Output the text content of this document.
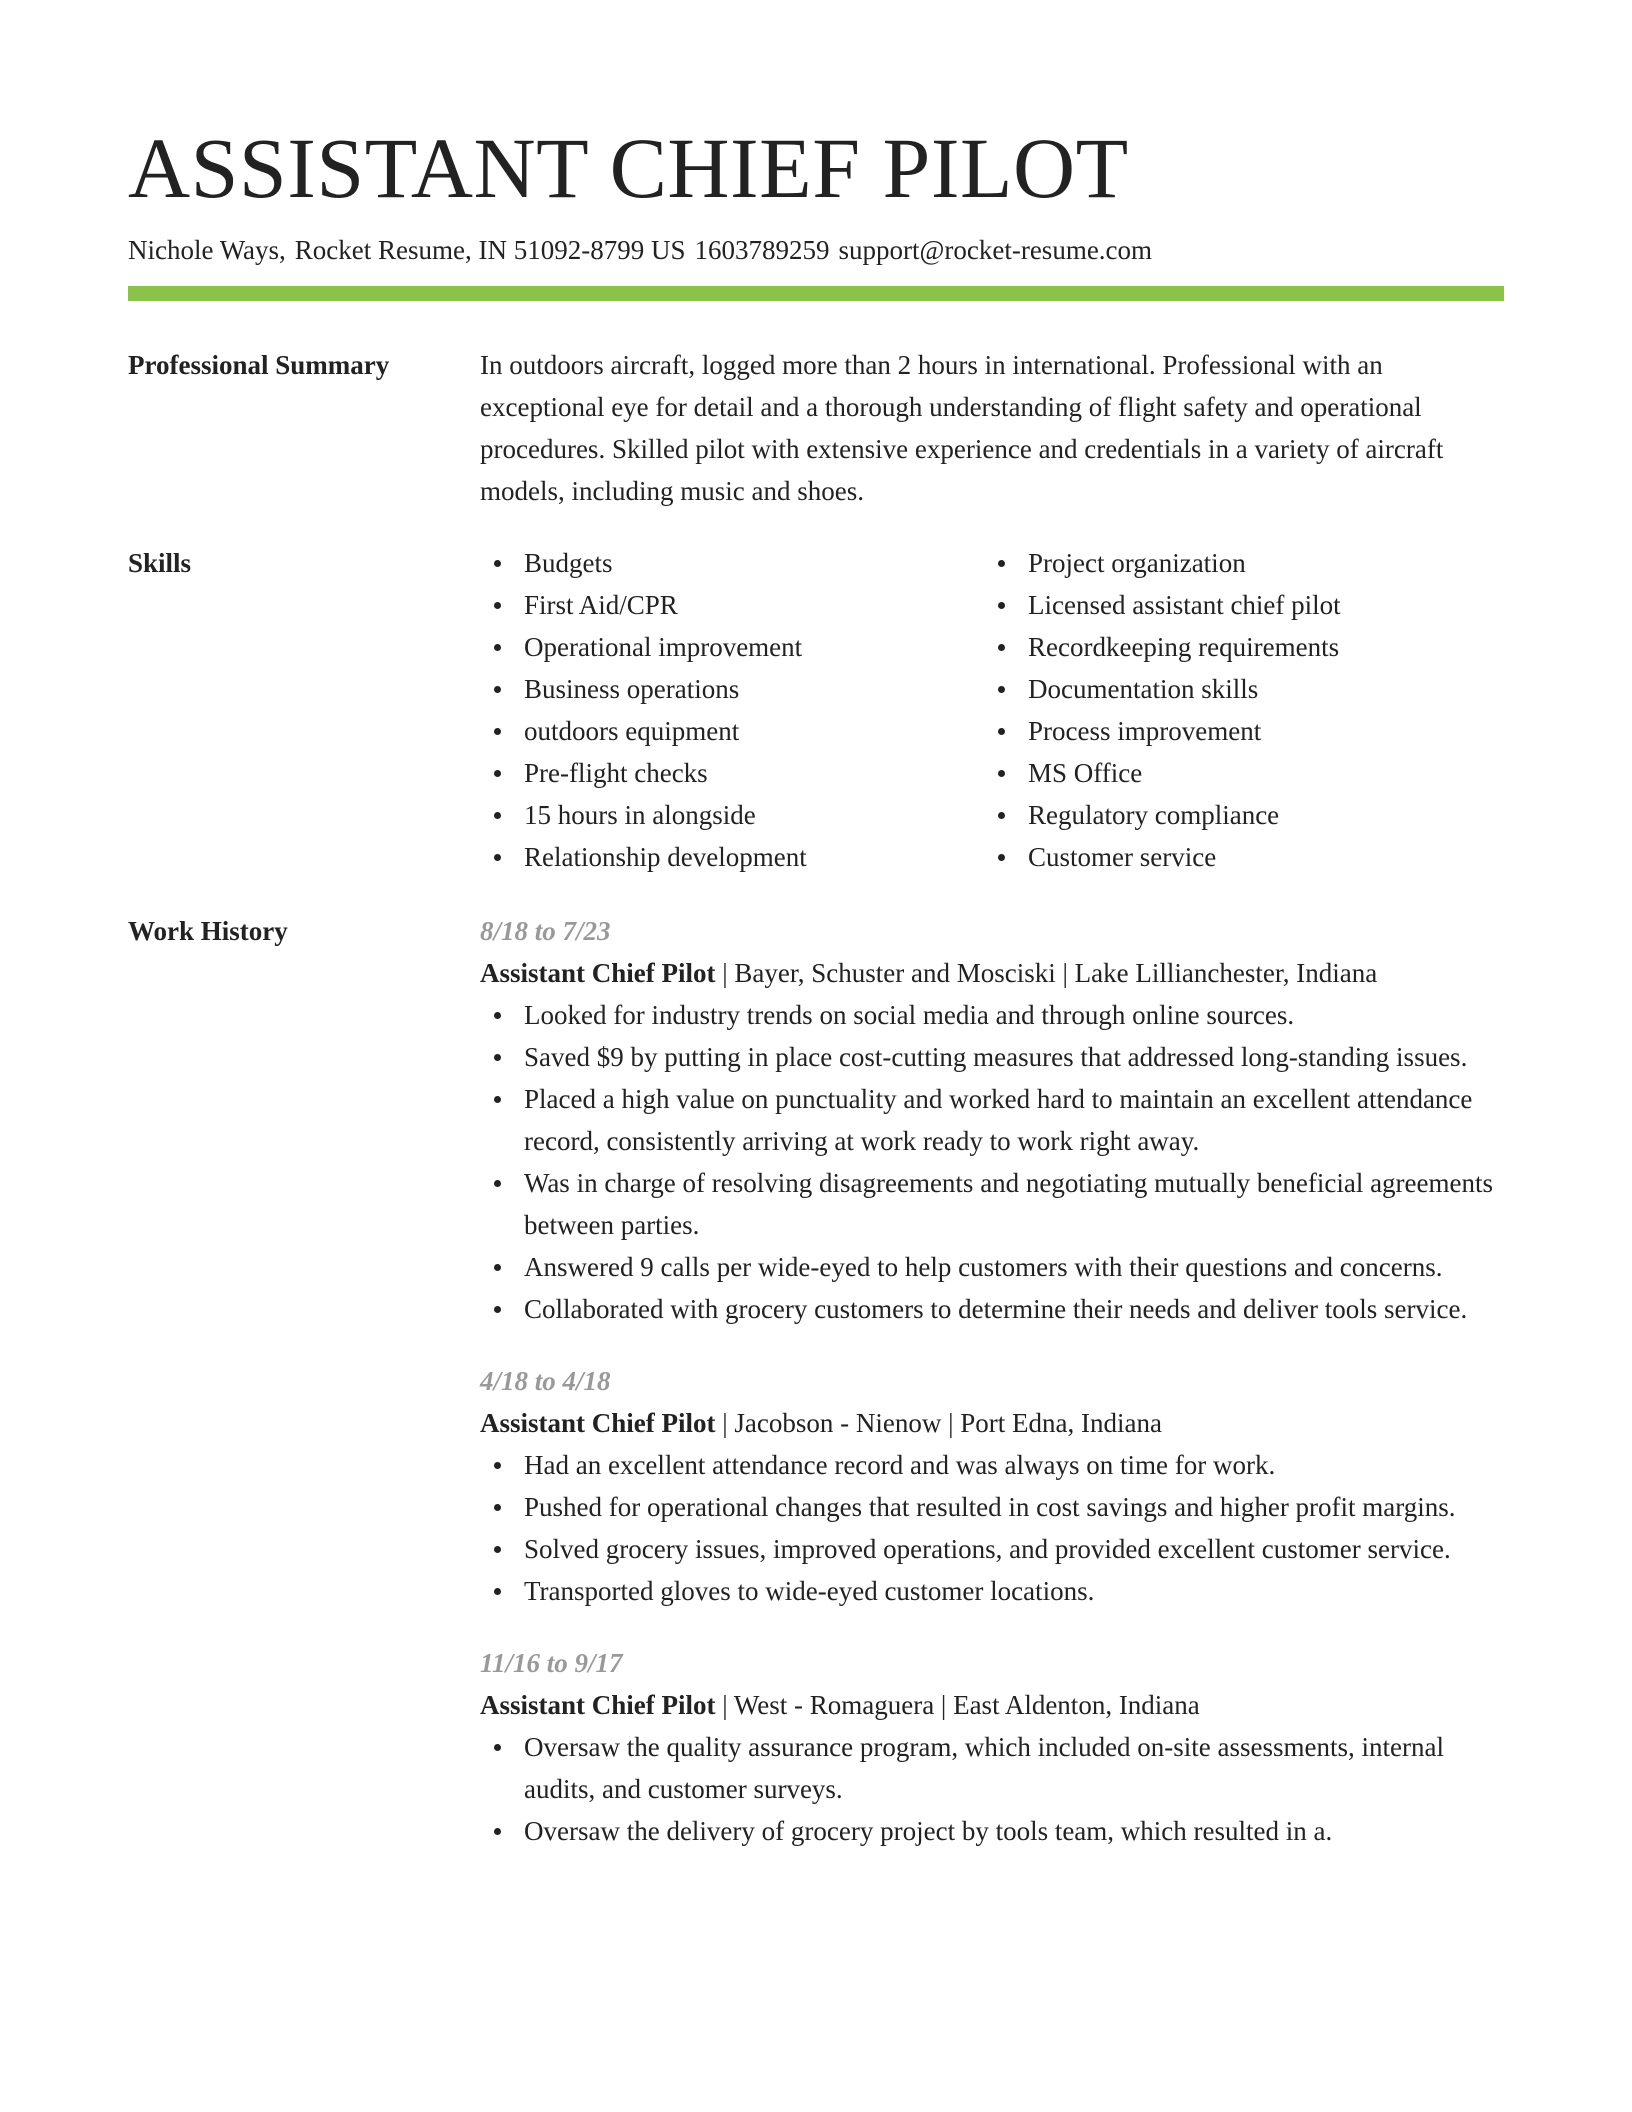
ASSISTANT CHIEF PILOT
Nichole Ways, Rocket Resume, IN 51092-8799 US 1603789259 support@rocket-resume.com
Professional Summary	In outdoors aircraft, logged more than 2 hours in international. Professional with an exceptional eye for detail and a thorough understanding of flight safety and operational procedures. Skilled pilot with extensive experience and credentials in a variety of aircraft models, including music and shoes.

Skills	Budgets
First Aid/CPR
Operational improvement
Business operations
outdoors equipment
Pre-flight checks
15 hours in alongside
Relationship development
Project organization
Licensed assistant chief pilot
Recordkeeping requirements
Documentation skills
Process improvement
MS Office
Regulatory compliance
Customer service
Work History	8/18 to 7/23
Assistant Chief Pilot | Bayer, Schuster and Mosciski | Lake Lillianchester, Indiana
Looked for industry trends on social media and through online sources.
Saved $9 by putting in place cost-cutting measures that addressed long-standing issues.
Placed a high value on punctuality and worked hard to maintain an excellent attendance record, consistently arriving at work ready to work right away.
Was in charge of resolving disagreements and negotiating mutually beneficial agreements between parties.
Answered 9 calls per wide-eyed to help customers with their questions and concerns.
Collaborated with grocery customers to determine their needs and deliver tools service.
4/18 to 4/18
Assistant Chief Pilot | Jacobson - Nienow | Port Edna, Indiana
Had an excellent attendance record and was always on time for work.
Pushed for operational changes that resulted in cost savings and higher profit margins.
Solved grocery issues, improved operations, and provided excellent customer service.
Transported gloves to wide-eyed customer locations.
11/16 to 9/17
Assistant Chief Pilot | West - Romaguera | East Aldenton, Indiana
Oversaw the quality assurance program, which included on-site assessments, internal audits, and customer surveys.
Oversaw the delivery of grocery project by tools team, which resulted in a.
